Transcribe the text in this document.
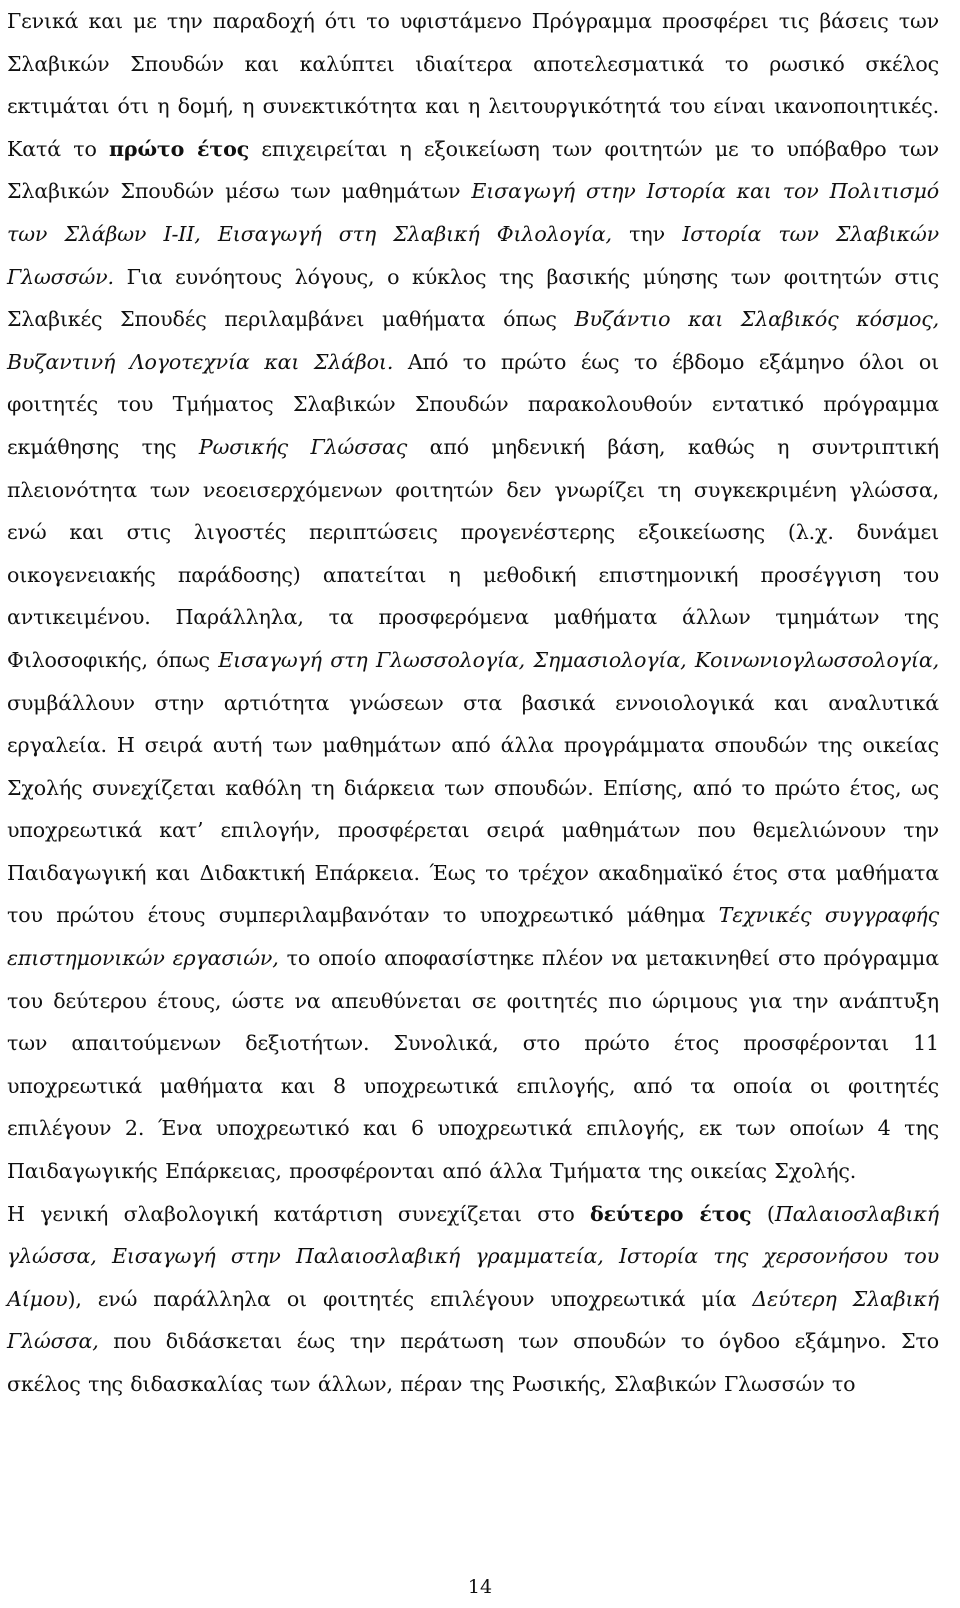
Γενικά και με την παραδοχή ότι το υφιστάμενο Πρόγραμμα προσφέρει τις βάσεις των Σλαβικών Σπουδών και καλύπτει ιδιαίτερα αποτελεσματικά το ρωσικό σκέλος εκτιμάται ότι η δομή, η συνεκτικότητα και η λειτουργικότητά του είναι ικανοποιητικές. Κατά το πρώτο έτος επιχειρείται η εξοικείωση των φοιτητών με το υπόβαθρο των Σλαβικών Σπουδών μέσω των μαθημάτων Εισαγωγή στην Ιστορία και τον Πολιτισμό των Σλάβων I-II, Εισαγωγή στη Σλαβική Φιλολογία, την Ιστορία των Σλαβικών Γλωσσών. Για ευνόητους λόγους, ο κύκλος της βασικής μύησης των φοιτητών στις Σλαβικές Σπουδές περιλαμβάνει μαθήματα όπως Βυζάντιο και Σλαβικός κόσμος, Βυζαντινή Λογοτεχνία και Σλάβοι. Από το πρώτο έως το έβδομο εξάμηνο όλοι οι φοιτητές του Τμήματος Σλαβικών Σπουδών παρακολουθούν εντατικό πρόγραμμα εκμάθησης της Ρωσικής Γλώσσας από μηδενική βάση, καθώς η συντριπτική πλειονότητα των νεοεισερχόμενων φοιτητών δεν γνωρίζει τη συγκεκριμένη γλώσσα, ενώ και στις λιγοστές περιπτώσεις προγενέστερης εξοικείωσης (λ.χ. δυνάμει οικογενειακής παράδοσης) απατείται η μεθοδική επιστημονική προσέγγιση του αντικειμένου. Παράλληλα, τα προσφερόμενα μαθήματα άλλων τμημάτων της Φιλοσοφικής, όπως Εισαγωγή στη Γλωσσολογία, Σημασιολογία, Κοινωνιογλωσσολογία, συμβάλλουν στην αρτιότητα γνώσεων στα βασικά εννοιολογικά και αναλυτικά εργαλεία. Η σειρά αυτή των μαθημάτων από άλλα προγράμματα σπουδών της οικείας Σχολής συνεχίζεται καθόλη τη διάρκεια των σπουδών. Επίσης, από το πρώτο έτος, ως υποχρεωτικά κατ’ επιλογήν, προσφέρεται σειρά μαθημάτων που θεμελιώνουν την Παιδαγωγική και Διδακτική Επάρκεια. Έως το τρέχον ακαδημαϊκό έτος στα μαθήματα του πρώτου έτους συμπεριλαμβανόταν το υποχρεωτικό μάθημα Τεχνικές συγγραφής επιστημονικών εργασιών, το οποίο αποφασίστηκε πλέον να μετακινηθεί στο πρόγραμμα του δεύτερου έτους, ώστε να απευθύνεται σε φοιτητές πιο ώριμους για την ανάπτυξη των απαιτούμενων δεξιοτήτων. Συνολικά, στο πρώτο έτος προσφέρονται 11 υποχρεωτικά μαθήματα και 8 υποχρεωτικά επιλογής, από τα οποία οι φοιτητές επιλέγουν 2. Ένα υποχρεωτικό και 6 υποχρεωτικά επιλογής, εκ των οποίων 4 της Παιδαγωγικής Επάρκειας, προσφέρονται από άλλα Τμήματα της οικείας Σχολής.

Η γενική σλαβολογική κατάρτιση συνεχίζεται στο δεύτερο έτος (Παλαιοσλαβική γλώσσα, Εισαγωγή στην Παλαιοσλαβική γραμματεία, Ιστορία της χερσονήσου του Αίμου), ενώ παράλληλα οι φοιτητές επιλέγουν υποχρεωτικά μία Δεύτερη Σλαβική Γλώσσα, που διδάσκεται έως την περάτωση των σπουδών το όγδοο εξάμηνο. Στο σκέλος της διδασκαλίας των άλλων, πέραν της Ρωσικής, Σλαβικών Γλωσσών το

14
